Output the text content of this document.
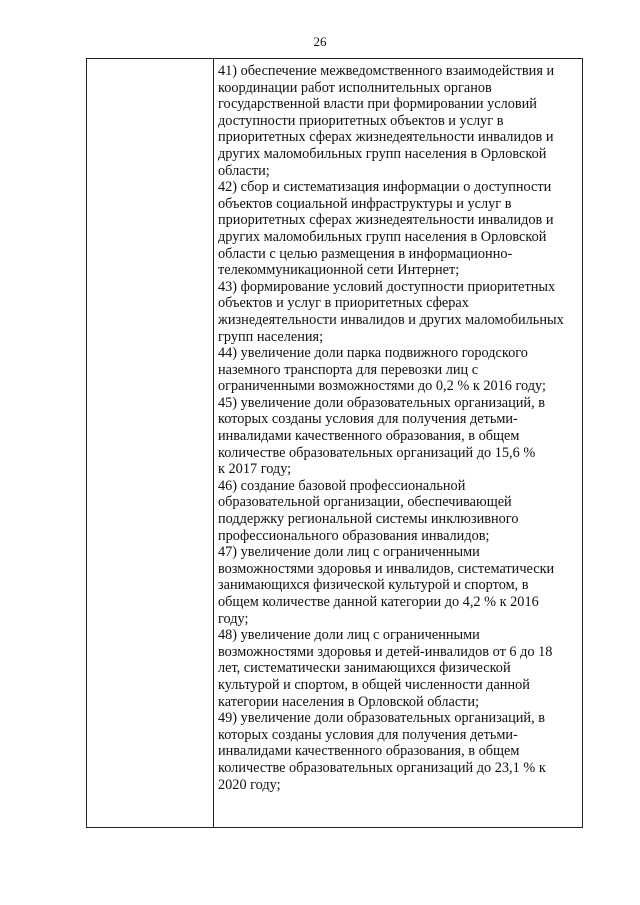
26

41) обеспечение межведомственного взаимодействия и
координации работ исполнительных органов
государственной власти при формировании условий
доступности приоритетных объектов и услуг в
приоритетных сферах жизнедеятельности инвалидов и
других маломобильных групп населения в Орловской
области;

42) сбор и систематизация информации о доступности
объектов социальной инфраструктуры и услуг в
приоритетных сферах жизнедеятельности инвалидов и
других маломобильных групп населения в Орловской
области с целью размещения в информационно-
телекоммуникационной сети Интернет;

43) формирование условий доступности приоритетных
объектов и услуг в приоритетных сферах
жизнедеятельности инвалидов и других маломобильных
групп населения;

44) увеличение доли парка подвижного городского
наземного транспорта для перевозки лиц с
ограниченными возможностями до 0,2 % к 2016 году;

45) увеличение доли образовательных организаций, в
которых созданы условия для получения детьми-
инвалидами качественного образования, в общем
количестве образовательных организаций до 15,6 %
к 2017 году;

46) создание базовой профессиональной
образовательной организации, обеспечивающей
поддержку региональной системы инклюзивного
профессионального образования инвалидов;

47) увеличение доли лиц с ограниченными
возможностями здоровья и инвалидов, систематически
занимающихся физической культурой и спортом, в
общем количестве данной категории до 4,2 % к 2016
году;

48) увеличение доли лиц с ограниченными
возможностями здоровья и детей-инвалидов от 6 до 18
лет, систематически занимающихся физической
культурой и спортом, в общей численности данной
категории населения в Орловской области;

49) увеличение доли образовательных организаций, в
которых созданы условия для получения детьми-
инвалидами качественного образования, в общем
количестве образовательных организаций до 23,1 % к
2020 году;
